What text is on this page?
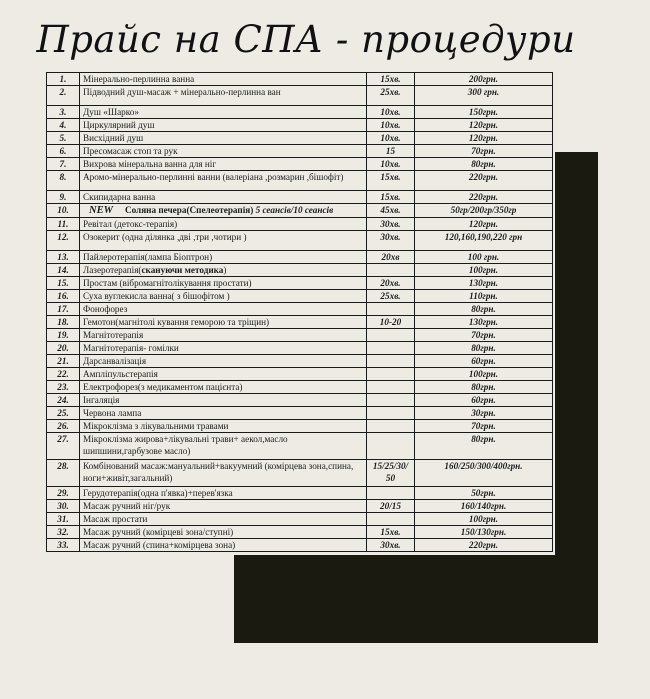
Прайс на СПА - процедури
1.	Мінерально-перлинна ванна	15хв.	200грн.
2.	Підводний душ-масаж + мінерально-перлинна ван	25хв.	300 грн.
3.	Душ «Шарко»	10хв.	150грн.
4.	Циркулярний душ	10хв.	120грн.
5.	Висхідний душ	10хв.	120грн.
6.	Пресомасаж стоп та рук	15	70грн.
7.	Вихрова мінеральна ванна для ніг	10хв.	80грн.
8.	Аромо-мінерально-перлинні ванни (валеріана ,розмарин ,бішофіт)	15хв.	220грн.
9.	Скипидарна ванна	15хв.	220грн.
10.	NEW Соляна печера(Спелеотерапія) 5 сеансів/10 сеансів	45хв.	50гр/200гр/350гр
11.	Ревітал (детокс-терапія)	30хв.	120грн.
12.	Озокерит (одна ділянка ,дві ,три ,чотири )	30хв.	120,160,190,220 грн
13.	Пайлеротерапія(лампа Біоптрон)	20хв	100 грн.
14.	Лазеротерапія(скануючи методика)		100грн.
15.	Простам (вібромагнітолікування простати)	20хв.	130грн.
16.	Суха вуглекисла ванна( з бішофітом )	25хв.	110грн.
17.	Фонофорез		80грн.
18.	Гемотон(магнітолі кування геморою та тріщин)	10-20	130грн.
19.	Магнітотерапія		70грн.
20.	Магнітотерапія- гомілки		80грн.
21.	Дарсанвалізація		60грн.
22.	Ампліпульстерапія		100грн.
23.	Електрофорез(з медикаментом пацієнта)		80грн.
24.	Інгаляція		60грн.
25.	Червона лампа		30грн.
26.	Мікроклізма з лікувальними травами		70грн.
27.	Мікроклізма жирова+лікувальні трави+ аекол,масло шипшини,гарбузове масло)		80грн.
28.	Комбінований масаж:мануальний+вакуумний (комірцева зона,спина, ноги+живіт,загальний)	15/25/30/ 50	160/250/300/400грн.
29.	Герудотерапія(одна п'явка)+перев'язка		50грн.
30.	Масаж ручний ніг/рук	20/15	160/140грн.
31.	Масаж простати		100грн.
32.	Масаж ручний (комірцеві зона/ступні)	15хв.	150/130грн.
33.	Масаж ручний (спина+комірцева зона)	30хв.	220грн.
